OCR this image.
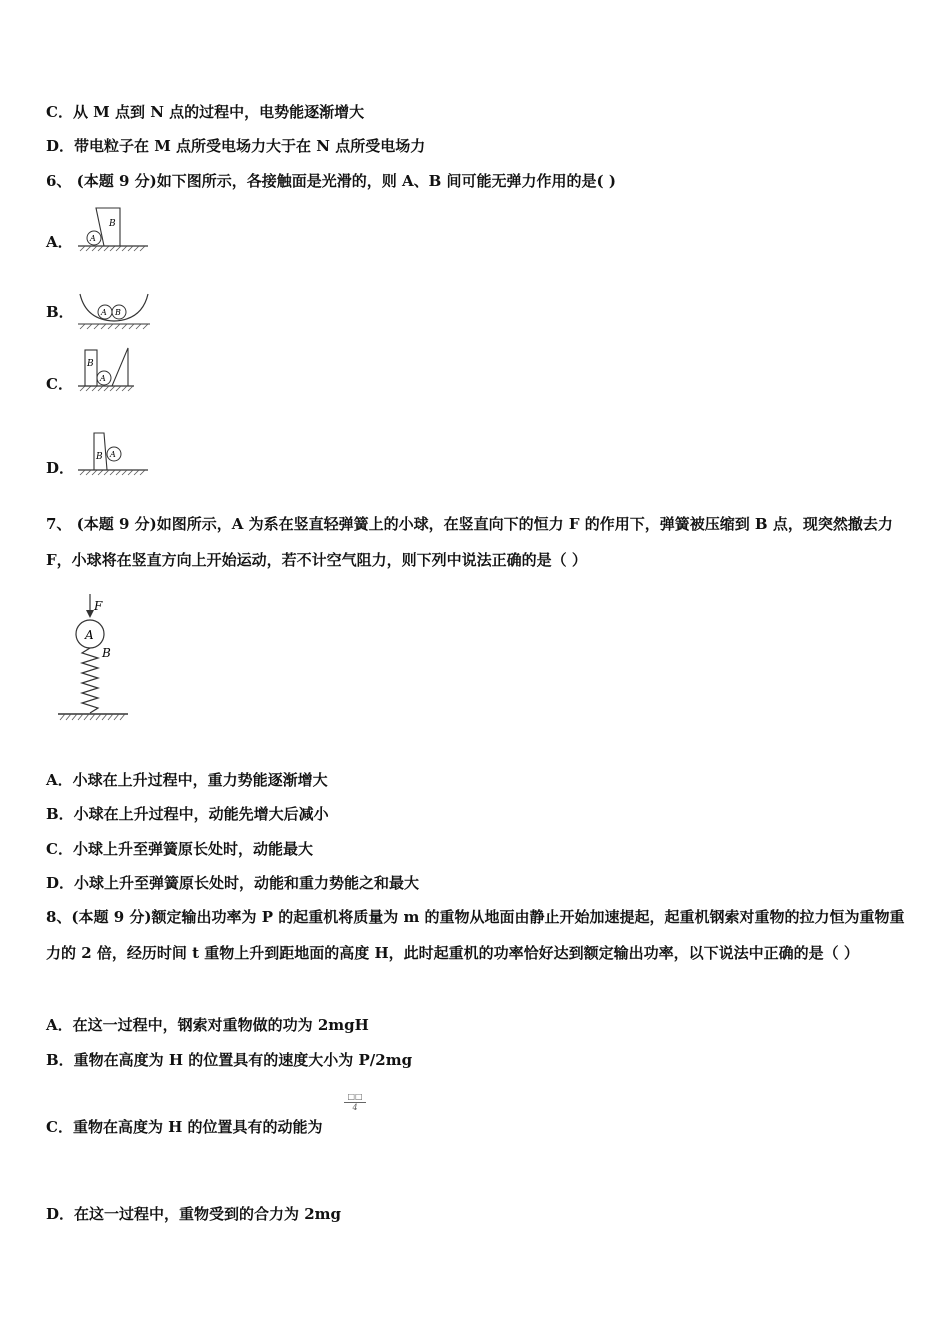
C．从 M 点到 N 点的过程中，电势能逐渐增大
D．带电粒子在 M 点所受电场力大于在 N 点所受电场力
6、 (本题 9 分)如下图所示，各接触面是光滑的，则 A、B 间可能无弹力作用的是( )
A． A
B
B．	A B
C．	A
B
D．
A
B
7、 (本题 9 分)如图所示，A 为系在竖直轻弹簧上的小球，在竖直向下的恒力 F 的作用下，弹簧被压缩到 B 点，现突然撤去力 F，小球将在竖直方向上开始运动，若不计空气阻力，则下列中说法正确的是（ ）
F
A
B
A．小球在上升过程中，重力势能逐渐增大
B．小球在上升过程中，动能先增大后减小
C．小球上升至弹簧原长处时，动能最大
D．小球上升至弹簧原长处时，动能和重力势能之和最大
8、(本题 9 分)额定输出功率为 P 的起重机将质量为 m 的重物从地面由静止开始加速提起，起重机钢索对重物的拉力恒为重物重力的 2 倍，经历时间 t 重物上升到距地面的高度 H，此时起重机的功率恰好达到额定输出功率，以下说法中正确的是（ ）
A．在这一过程中，钢索对重物做的功为 2mgH
B．重物在高度为 H 的位置具有的速度大小为 P/2mg
C．重物在高度为 H 的位置具有的动能为
□□
4
D．在这一过程中，重物受到的合力为 2mg
